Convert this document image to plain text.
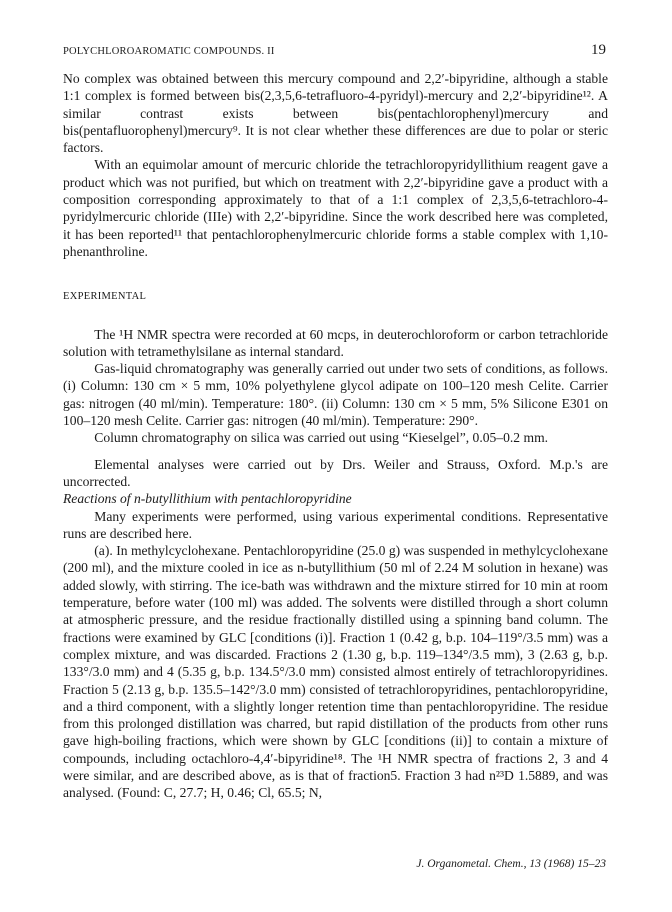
POLYCHLOROAROMATIC COMPOUNDS. II	19

No complex was obtained between this mercury compound and 2,2′-bipyridine, although a stable 1:1 complex is formed between bis(2,3,5,6-tetrafluoro-4-pyridyl)-mercury and 2,2′-bipyridine¹². A similar contrast exists between bis(pentachlorophenyl)mercury and bis(pentafluorophenyl)mercury⁹. It is not clear whether these differences are due to polar or steric factors.

With an equimolar amount of mercuric chloride the tetrachloropyridyllithium reagent gave a product which was not purified, but which on treatment with 2,2′-bipyridine gave a product with a composition corresponding approximately to that of a 1:1 complex of 2,3,5,6-tetrachloro-4-pyridylmercuric chloride (IIIe) with 2,2′-bipyridine. Since the work described here was completed, it has been reported¹¹ that pentachlorophenylmercuric chloride forms a stable complex with 1,10-phenanthroline.

EXPERIMENTAL

The ¹H NMR spectra were recorded at 60 mcps, in deuterochloroform or carbon tetrachloride solution with tetramethylsilane as internal standard.

Gas-liquid chromatography was generally carried out under two sets of conditions, as follows. (i) Column: 130 cm × 5 mm, 10% polyethylene glycol adipate on 100–120 mesh Celite. Carrier gas: nitrogen (40 ml/min). Temperature: 180°. (ii) Column: 130 cm × 5 mm, 5% Silicone E301 on 100–120 mesh Celite. Carrier gas: nitrogen (40 ml/min). Temperature: 290°.

Column chromatography on silica was carried out using “Kieselgel”, 0.05–0.2 mm.

Elemental analyses were carried out by Drs. Weiler and Strauss, Oxford. M.p.'s are uncorrected.

Reactions of n-butyllithium with pentachloropyridine

Many experiments were performed, using various experimental conditions. Representative runs are described here.

(a). In methylcyclohexane. Pentachloropyridine (25.0 g) was suspended in methylcyclohexane (200 ml), and the mixture cooled in ice as n-butyllithium (50 ml of 2.24 M solution in hexane) was added slowly, with stirring. The ice-bath was withdrawn and the mixture stirred for 10 min at room temperature, before water (100 ml) was added. The solvents were distilled through a short column at atmospheric pressure, and the residue fractionally distilled using a spinning band column. The fractions were examined by GLC [conditions (i)]. Fraction 1 (0.42 g, b.p. 104–119°/3.5 mm) was a complex mixture, and was discarded. Fractions 2 (1.30 g, b.p. 119–134°/3.5 mm), 3 (2.63 g, b.p. 133°/3.0 mm) and 4 (5.35 g, b.p. 134.5°/3.0 mm) consisted almost entirely of tetrachloropyridines. Fraction 5 (2.13 g, b.p. 135.5–142°/3.0 mm) consisted of tetrachloropyridines, pentachloropyridine, and a third component, with a slightly longer retention time than pentachloropyridine. The residue from this prolonged distillation was charred, but rapid distillation of the products from other runs gave high-boiling fractions, which were shown by GLC [conditions (ii)] to contain a mixture of compounds, including octachloro-4,4′-bipyridine¹⁸. The ¹H NMR spectra of fractions 2, 3 and 4 were similar, and are described above, as is that of fraction5. Fraction 3 had n²³D 1.5889, and was analysed. (Found: C, 27.7; H, 0.46; Cl, 65.5; N,

J. Organometal. Chem., 13 (1968) 15–23
